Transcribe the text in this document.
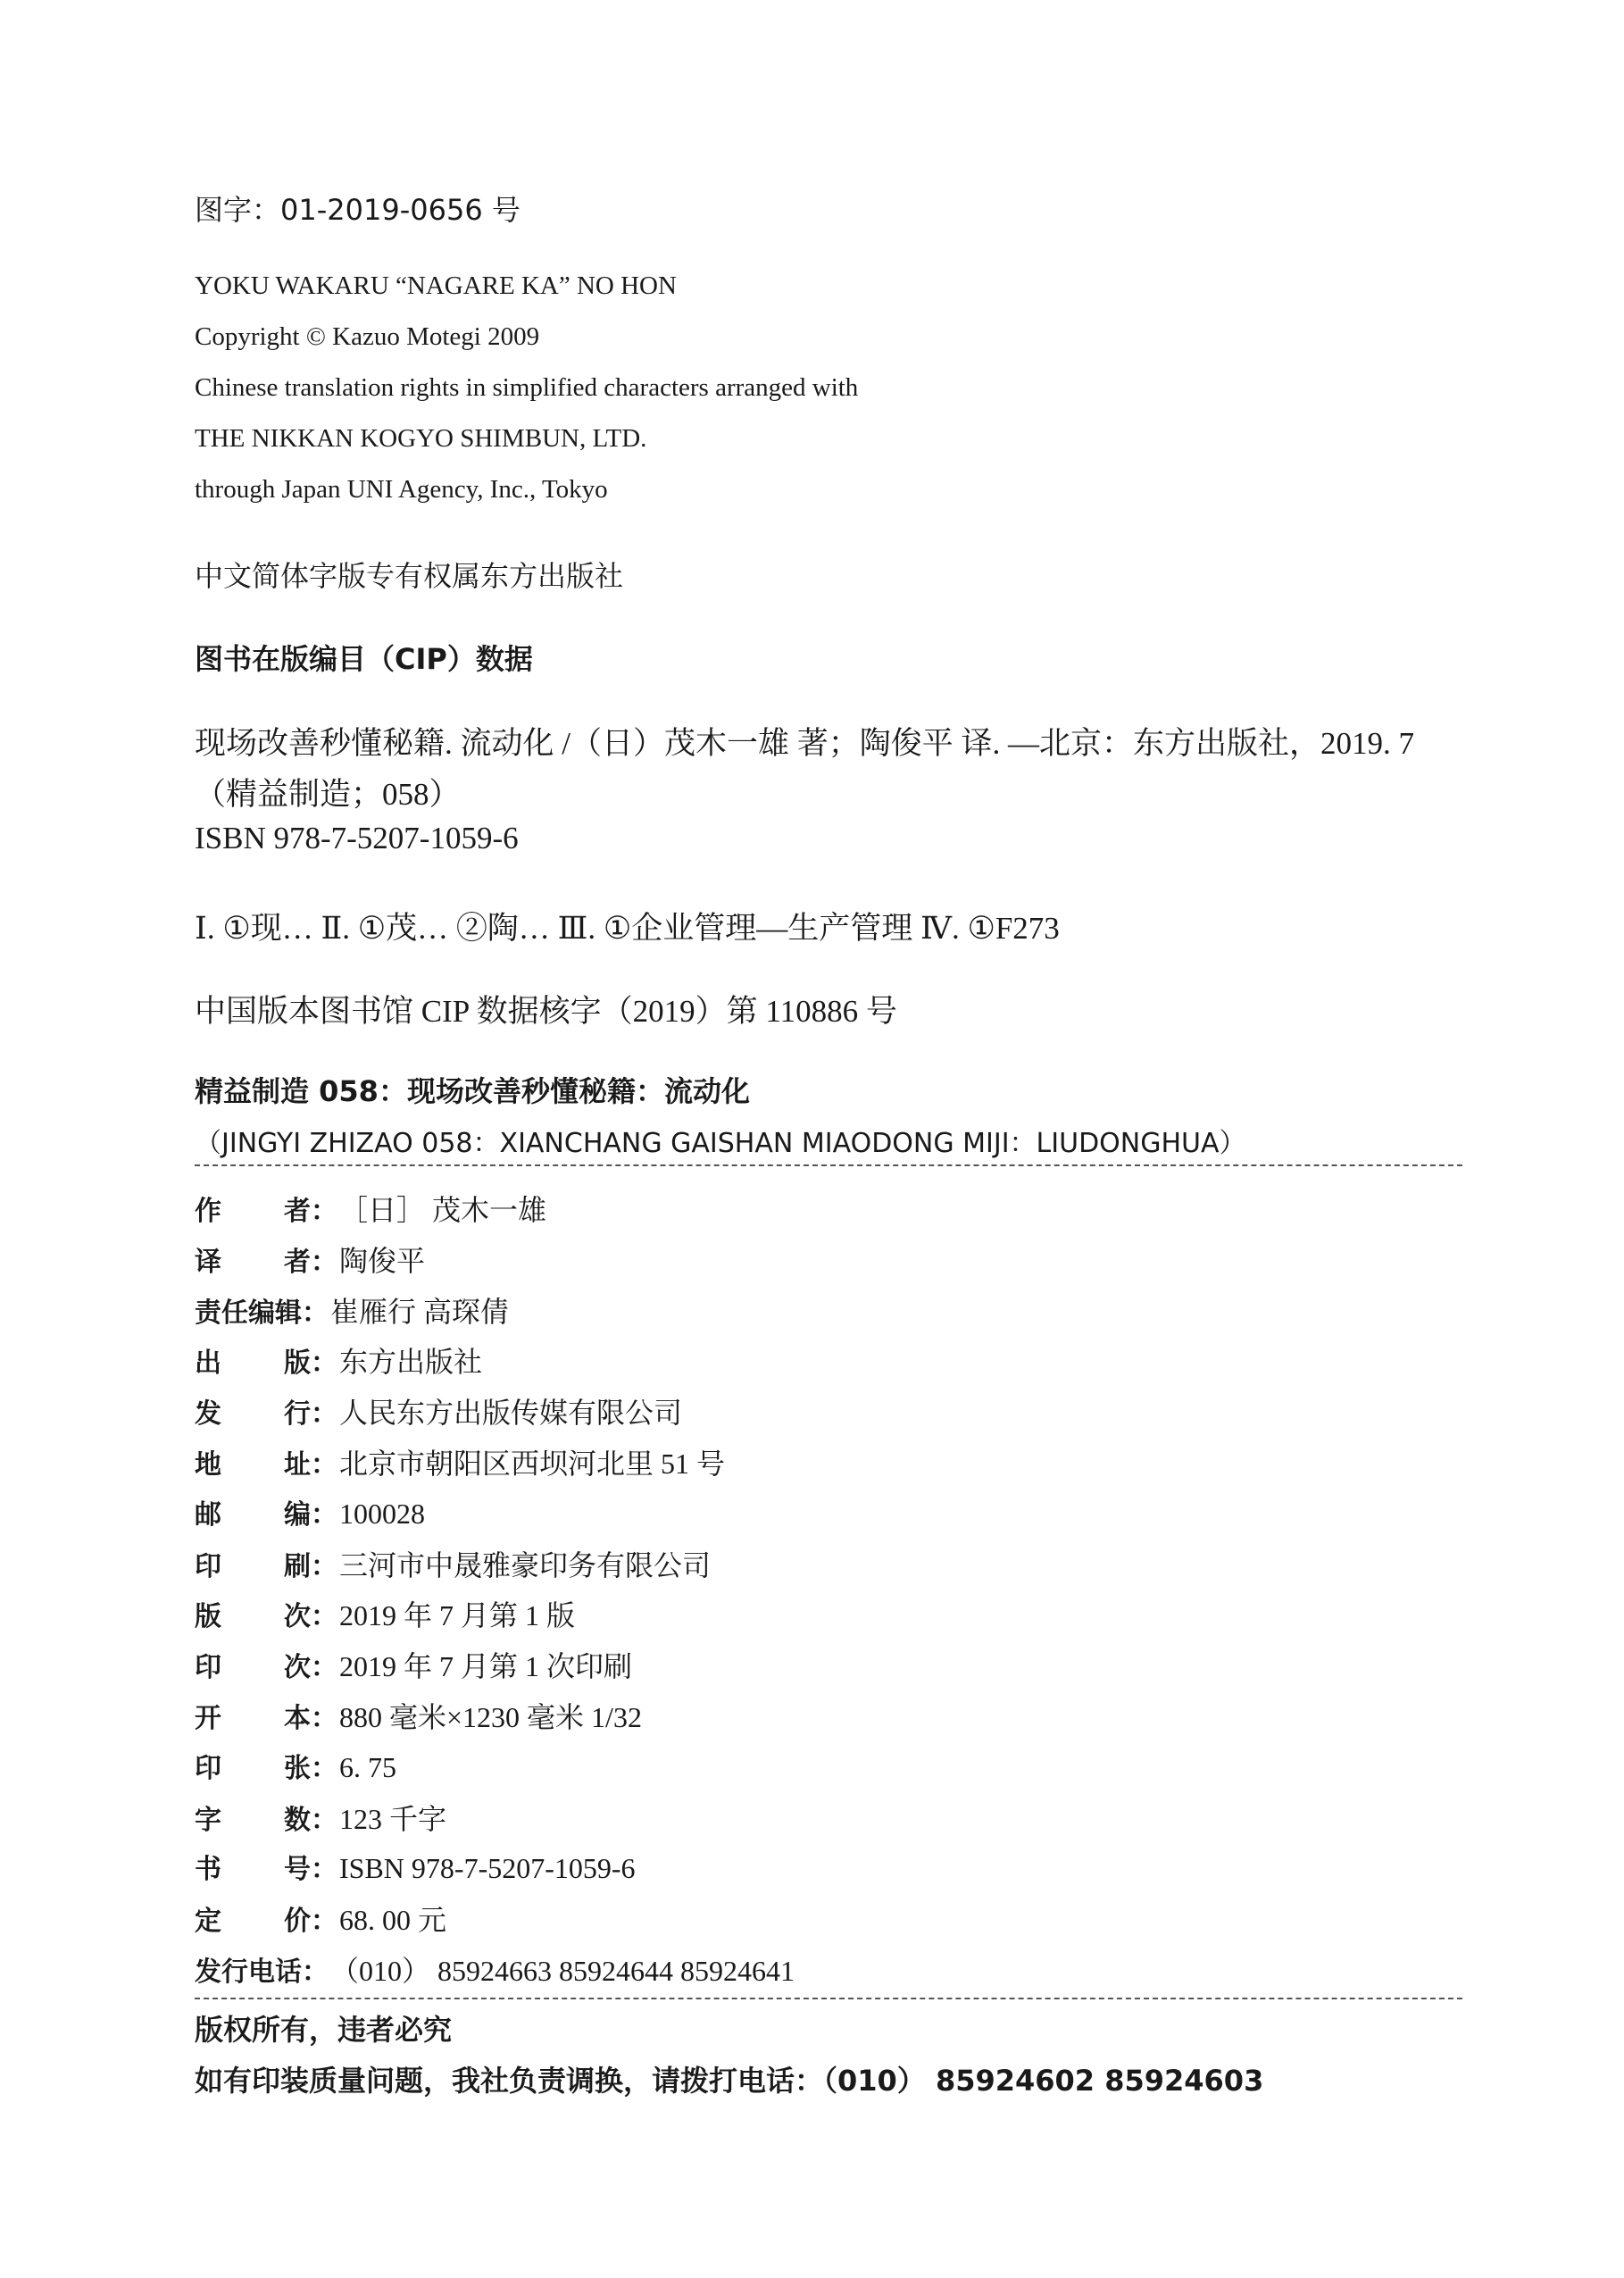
图字：01-2019-0656 号
YOKU WAKARU “NAGARE KA” NO HON
Copyright © Kazuo Motegi 2009
Chinese translation rights in simplified characters arranged with
THE NIKKAN KOGYO SHIMBUN, LTD.
through Japan UNI Agency, Inc., Tokyo
中文简体字版专有权属东方出版社
图书在版编目（CIP）数据
现场改善秒懂秘籍. 流动化 /（日）茂木一雄 著；陶俊平 译. —北京：东方出版社，2019. 7
（精益制造；058）
ISBN 978-7-5207-1059-6
Ⅰ. ①现… Ⅱ. ①茂… ②陶… Ⅲ. ①企业管理—生产管理 Ⅳ. ①F273
中国版本图书馆 CIP 数据核字（2019）第 110886 号
精益制造 058：现场改善秒懂秘籍：流动化
（JINGYI ZHIZAO 058：XIANCHANG GAISHAN MIAODONG MIJI：LIUDONGHUA）
作 者： ［日］ 茂木一雄
译 者： 陶俊平
责任编辑：崔雁行 高琛倩
出 版： 东方出版社
发 行： 人民东方出版传媒有限公司
地 址： 北京市朝阳区西坝河北里 51 号
邮 编： 100028
印 刷： 三河市中晟雅豪印务有限公司
版 次： 2019 年 7 月第 1 版
印 次： 2019 年 7 月第 1 次印刷
开 本： 880 毫米×1230 毫米 1/32
印 张： 6. 75
字 数： 123 千字
书 号： ISBN 978-7-5207-1059-6
定 价： 68. 00 元
发行电话：（010） 85924663 85924644 85924641
版权所有，违者必究
如有印装质量问题，我社负责调换，请拨打电话：（010） 85924602 85924603
